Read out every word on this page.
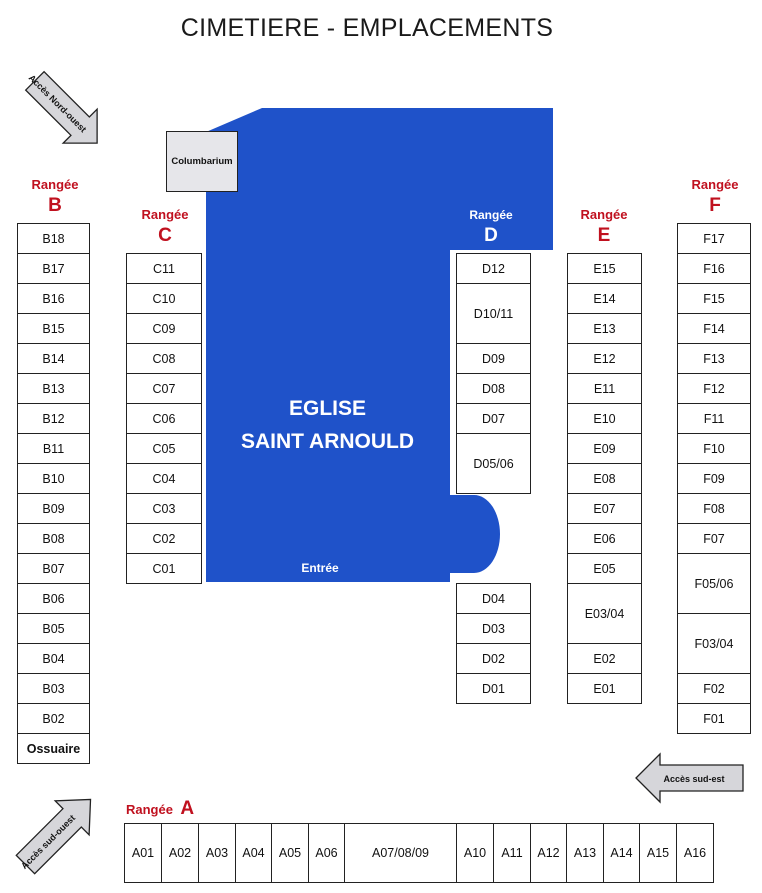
CIMETIERE - EMPLACEMENTS
EGLISE
SAINT ARNOULD
Entrée
Columbarium
Accès Nord-ouest
Accès sud-ouest
Accès sud-est
Rangée
B	Rangée
C
Rangée
D
Rangée
E
Rangée
F
Rangée A
B18
B17
B16
B15
B14
B13
B12
B11
B10
B09
B08
B07
B06
B05
B04
B03
B02
Ossuaire
C11
C10
C09
C08
C07
C06
C05
C04
C03
C02
C01
D12
D10/11
D09
D08
D07
D05/06
D04
D03
D02
D01
E15
E14
E13
E12
E11
E10
E09
E08
E07
E06
E05
E03/04
E02
E01
F17
F16
F15
F14
F13
F12
F11
F10
F09
F08
F07
F05/06
F03/04
F02
F01
A01	A02	A03	A04	A05	A06	A07/08/09	A10	A11	A12	A13	A14	A15	A16
